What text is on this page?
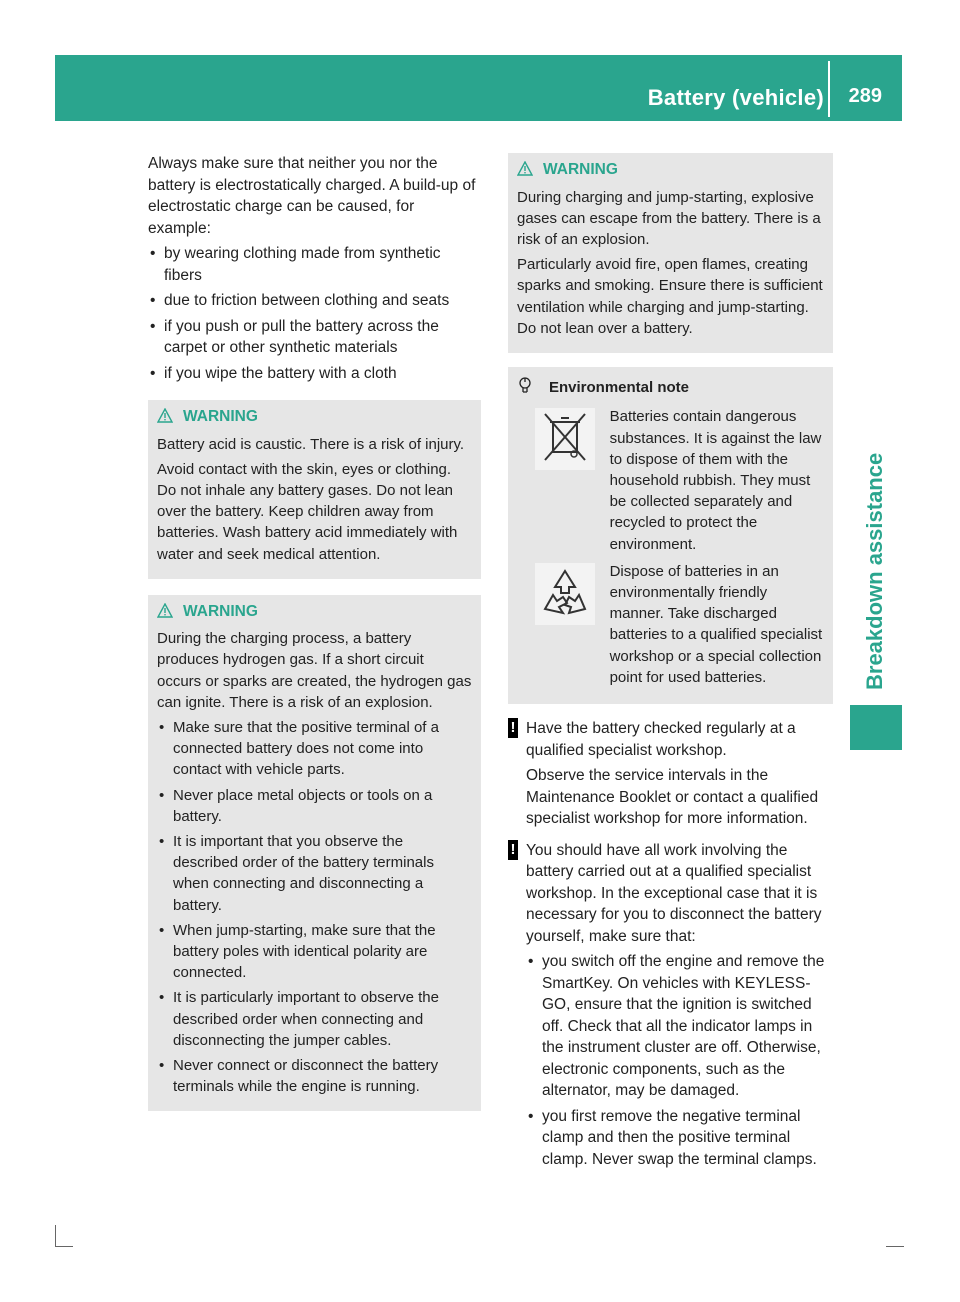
Battery (vehicle) 289
Breakdown assistance

Always make sure that neither you nor the battery is electrostatically charged. A build-up of electrostatic charge can be caused, for example:

• by wearing clothing made from synthetic fibers
• due to friction between clothing and seats
• if you push or pull the battery across the carpet or other synthetic materials
• if you wipe the battery with a cloth
WARNING

Battery acid is caustic. There is a risk of injury.

Avoid contact with the skin, eyes or clothing. Do not inhale any battery gases. Do not lean over the battery. Keep children away from batteries. Wash battery acid immediately with water and seek medical attention.

WARNING

During the charging process, a battery produces hydrogen gas. If a short circuit occurs or sparks are created, the hydrogen gas can ignite. There is a risk of an explosion.

• Make sure that the positive terminal of a connected battery does not come into contact with vehicle parts.
• Never place metal objects or tools on a battery.
• It is important that you observe the described order of the battery terminals when connecting and disconnecting a battery.
• When jump-starting, make sure that the battery poles with identical polarity are connected.
• It is particularly important to observe the described order when connecting and disconnecting the jumper cables.
• Never connect or disconnect the battery terminals while the engine is running.
WARNING

During charging and jump-starting, explosive gases can escape from the battery. There is a risk of an explosion.

Particularly avoid fire, open flames, creating sparks and smoking. Ensure there is sufficient ventilation while charging and jump-starting. Do not lean over a battery.

Environmental note
Batteries contain dangerous substances. It is against the law to dispose of them with the household rubbish. They must be collected separately and recycled to protect the environment.
Dispose of batteries in an environmentally friendly manner. Take discharged batteries to a qualified specialist workshop or a special collection point for used batteries.
! Have the battery checked regularly at a qualified specialist workshop.

Observe the service intervals in the Maintenance Booklet or contact a qualified specialist workshop for more information.

! You should have all work involving the battery carried out at a qualified specialist workshop. In the exceptional case that it is necessary for you to disconnect the battery yourself, make sure that:

• you switch off the engine and remove the SmartKey. On vehicles with KEYLESS-GO, ensure that the ignition is switched off. Check that all the indicator lamps in the instrument cluster are off. Otherwise, electronic components, such as the alternator, may be damaged.
• you first remove the negative terminal clamp and then the positive terminal clamp. Never swap the terminal clamps.
